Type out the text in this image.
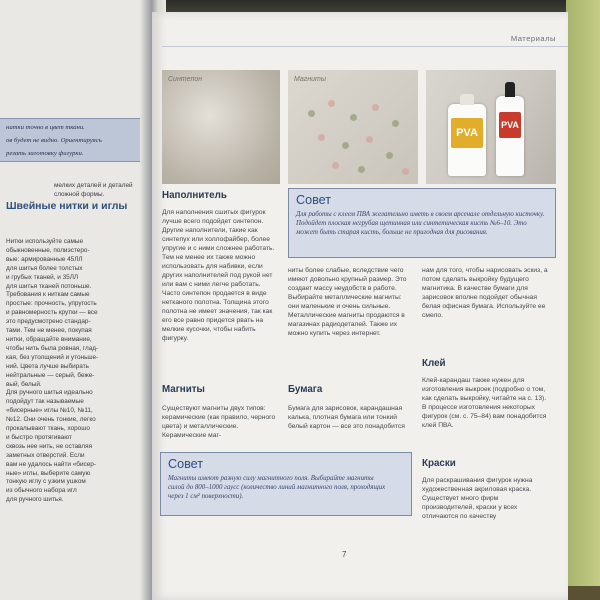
нитки точно в цвет ткани.

ов будет не видно. Ориентируясь

резать заготовку фигурки.

мелких деталей и деталей

сложной формы.

Швейные нитки и иглы

Нитки используйте самые

обыкновенные, полиэстеро-

вые: армированные 45ЛЛ

для шитья более толстых

и грубых тканей, и 35ЛЛ

для шитья тканей потоньше.

Требования к ниткам самые

простые: прочность, упругость

и равномерность крутки — все

это предусмотрено стандар-

тами. Тем не менее, покупая

нитки, обращайте внимание,

чтобы нить была ровная, глад-

кая, без утолщений и утоньше-

ний. Цвета лучше выбирать

нейтральные — серый, беже-

вый, белый.

Для ручного шитья идеально

подойдут так называемые

«бисерные» иглы №10, №11,

№12. Они очень тонкие, легко

прокалывают ткань, хорошо

и быстро протягивают

сквозь нее нить, не оставляя

заметных отверстий. Если

вам не удалось найти «бисер-

ные» иглы, выберите самую

тонкую иглу с узким ушком

из обычного набора игл

для ручного шитья.

Материалы
Синтепон	Магниты
PVA
PVA
Наполнитель

Для наполнения сшитых фигурок лучше всего подойдет синтепон. Другие наполнители, такие как синтепух или холлофайбер, более упругие и с ними сложнее работать.

Тем не менее их также можно использовать для набивки, если других наполнителей под рукой нет или вам с ними легче работать.

Часто синтепон продается в виде нетканого полотна. Толщина этого полотна не имеет значения, так как его все равно придется рвать на мелкие кусочки, чтобы набить фигурку.

Совет
Для работы с клеем ПВА желательно иметь в своем арсенале отдельную кисточку. Подойдет плоская негрубая щетинная или синтетическая кисть №6–10. Это может быть старая кисть, больше не пригодная для рисования.
ниты более слабые, вследствие чего имеют довольно крупный размер. Это создает массу неудобств в работе. Выбирайте металлические магниты: они маленькие и очень сильные. Металлические магниты продаются в магазинах радиодеталей. Также их можно купить через интернет.
нам для того, чтобы нарисовать эскиз, а потом сделать выкройку будущего магнитика. В качестве бумаги для зарисовок вполне подойдет обычная белая офисная бумага. Используйте ее смело.
Магниты
Существуют магниты двух типов: керамические (как правило, черного цвета) и металлические. Керамические маг-
Бумага
Бумага для зарисовок, карандашная калька, плотная бумага или тонкий белый картон — все это понадобится
Клей
Клей-карандаш также нужен для изготовления выкроек (подробно о том, как сделать выкройку, читайте на с. 13). В процессе изготовления некоторых фигурок (см. с. 75–84) вам понадобится клей ПВА.
Совет
Магниты имеют разную силу магнитного поля. Выбирайте магниты силой до 800–1000 гаусс (количество линий магнитного поля, проходящих через 1 см² поверхности).
Краски
Для раскрашивания фигурок нужна художественная акриловая краска. Существует много фирм производителей, краски у всех отличаются по качеству
7
